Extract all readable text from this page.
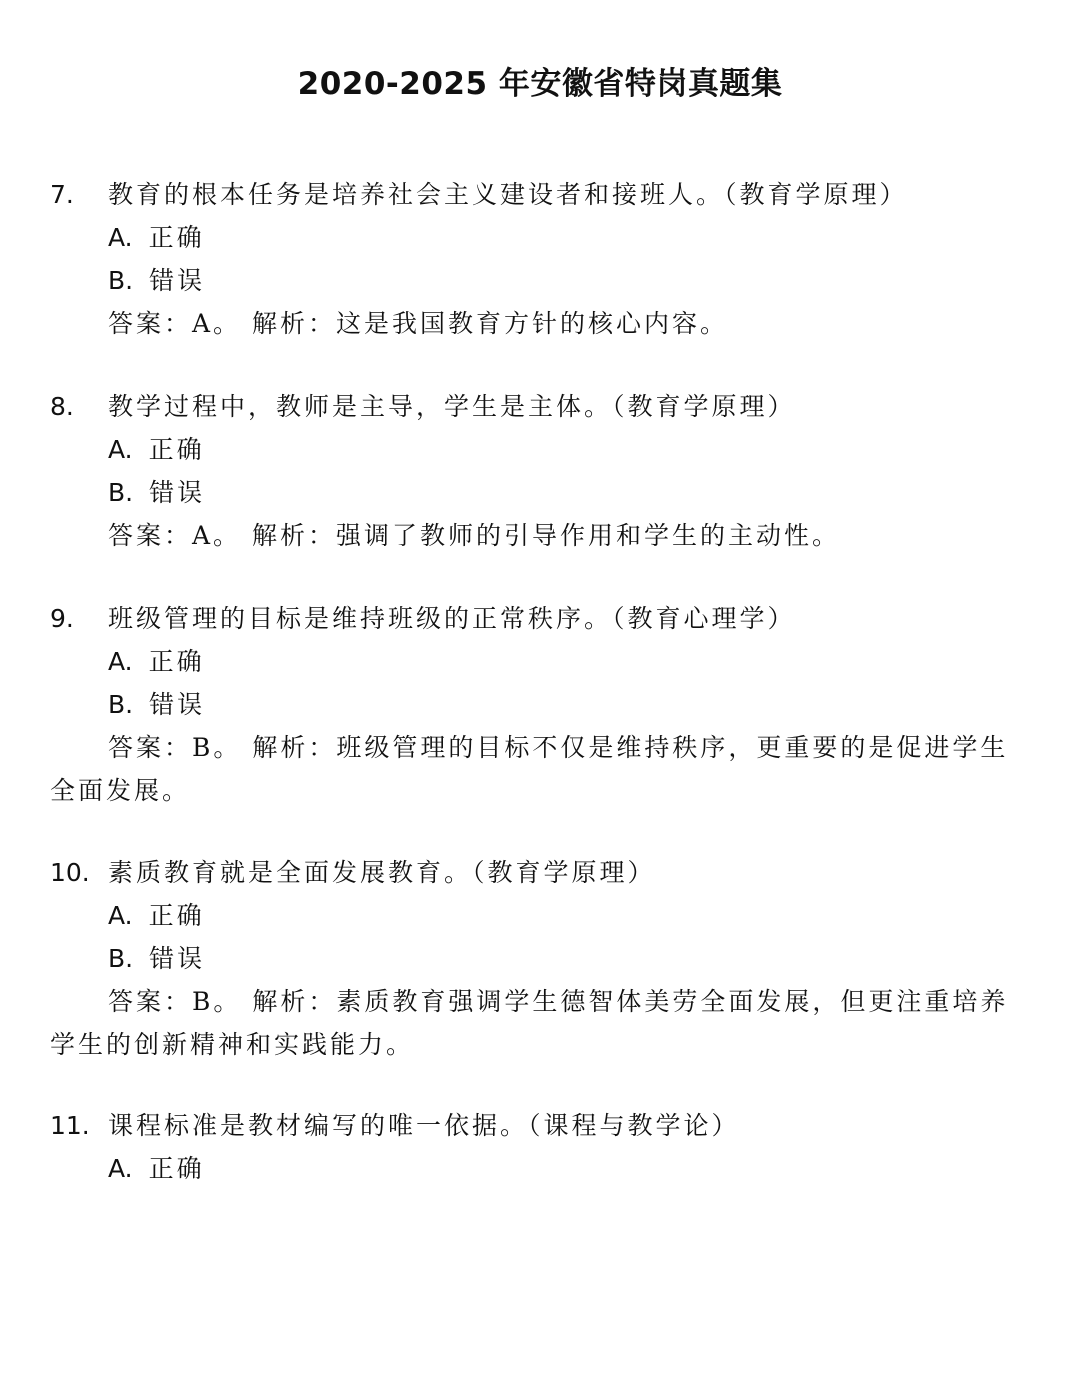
2020-2025 年安徽省特岗真题集
7. 教育的根本任务是培养社会主义建设者和接班人。（教育学原理）
A. 正确
B. 错误
答案：A。 解析：这是我国教育方针的核心内容。
8. 教学过程中，教师是主导，学生是主体。（教育学原理）
A. 正确
B. 错误
答案：A。 解析：强调了教师的引导作用和学生的主动性。
9. 班级管理的目标是维持班级的正常秩序。（教育心理学）
A. 正确
B. 错误
答案：B。 解析：班级管理的目标不仅是维持秩序，更重要的是促进学生全面发展。
10. 素质教育就是全面发展教育。（教育学原理）
A. 正确
B. 错误
答案：B。 解析：素质教育强调学生德智体美劳全面发展，但更注重培养学生的创新精神和实践能力。
11. 课程标准是教材编写的唯一依据。（课程与教学论）
A. 正确
